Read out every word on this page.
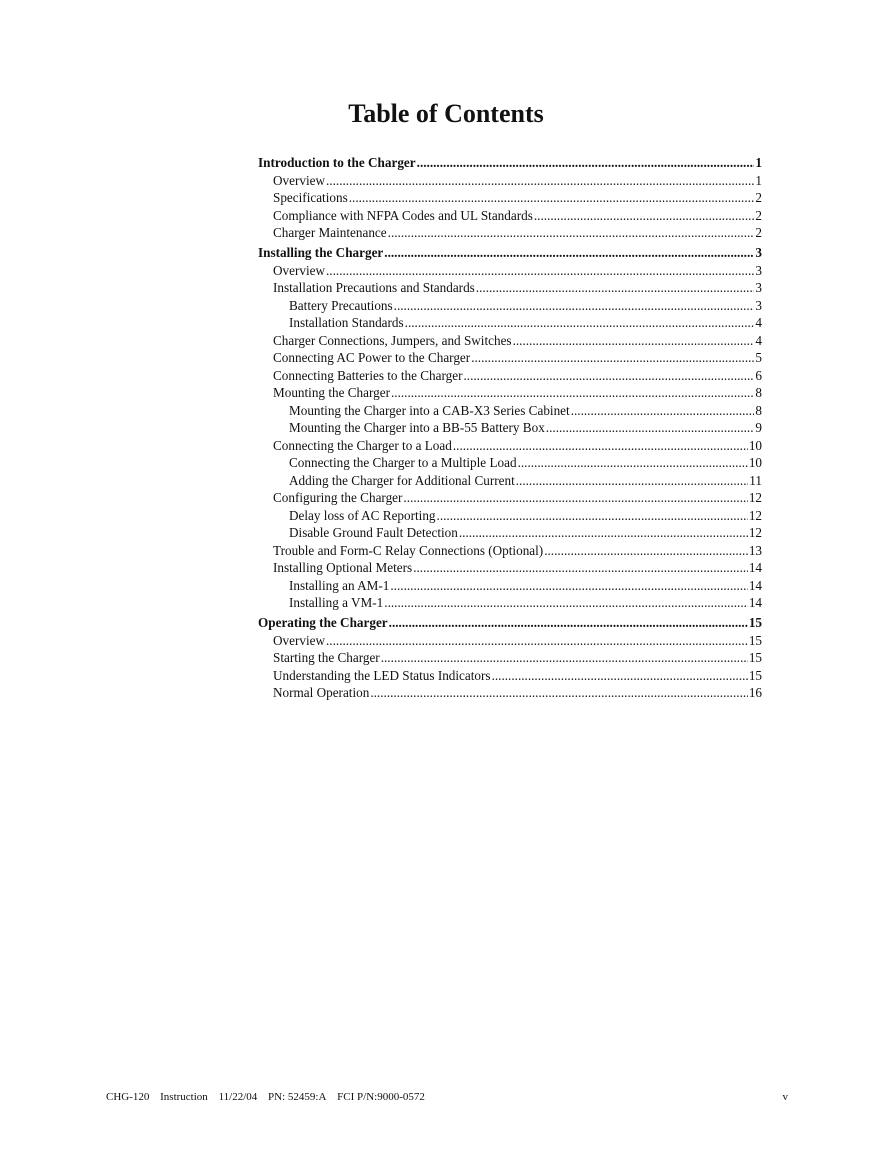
Table of Contents
Introduction to the Charger .....	1
Overview .....	1
Specifications .....	2
Compliance with NFPA Codes and UL Standards .....	2
Charger Maintenance .....	2
Installing the Charger .....	3
Overview .....	3
Installation Precautions and Standards .....	3
Battery Precautions .....	3
Installation Standards .....	4
Charger Connections, Jumpers, and Switches .....	4
Connecting AC Power to the Charger .....	5
Connecting Batteries to the Charger .....	6
Mounting the Charger .....	8
Mounting the Charger into a CAB-X3 Series Cabinet .....	8
Mounting the Charger into a BB-55 Battery Box .....	9
Connecting the Charger to a Load .....	10
Connecting the Charger to a Multiple Load .....	10
Adding the Charger for Additional Current .....	11
Configuring the Charger .....	12
Delay loss of AC Reporting .....	12
Disable Ground Fault Detection .....	12
Trouble and Form-C Relay Connections (Optional) .....	13
Installing Optional Meters .....	14
Installing an AM-1 .....	14
Installing a VM-1 .....	14
Operating the Charger .....	15
Overview .....	15
Starting the Charger .....	15
Understanding the LED Status Indicators .....	15
Normal Operation .....	16
CHG-120 Instruction 11/22/04 PN: 52459:A FCI P/N:9000-0572	v
